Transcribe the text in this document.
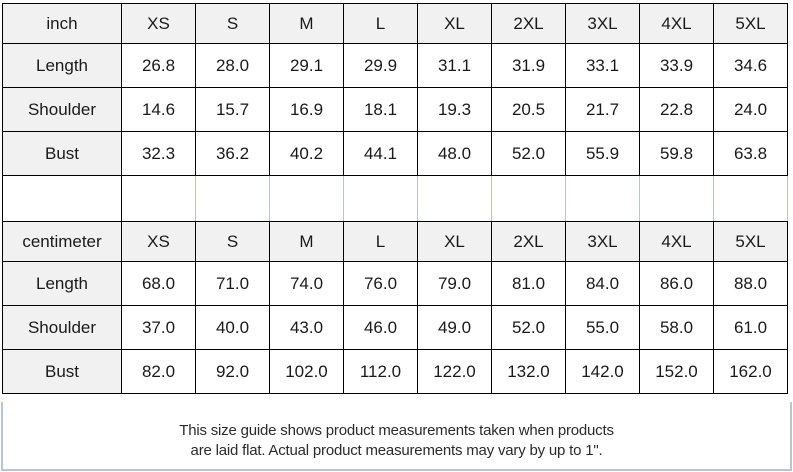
This size guide shows product measurements taken when products
are laid flat. Actual product measurements may vary by up to 1".
inch	XS	S	M	L	XL	2XL	3XL	4XL	5XL
Length	26.8	28.0	29.1	29.9	31.1	31.9	33.1	33.9	34.6
Shoulder	14.6	15.7	16.9	18.1	19.3	20.5	21.7	22.8	24.0
Bust	32.3	36.2	40.2	44.1	48.0	52.0	55.9	59.8	63.8

centimeter	XS	S	M	L	XL	2XL	3XL	4XL	5XL
Length	68.0	71.0	74.0	76.0	79.0	81.0	84.0	86.0	88.0
Shoulder	37.0	40.0	43.0	46.0	49.0	52.0	55.0	58.0	61.0
Bust	82.0	92.0	102.0	112.0	122.0	132.0	142.0	152.0	162.0
